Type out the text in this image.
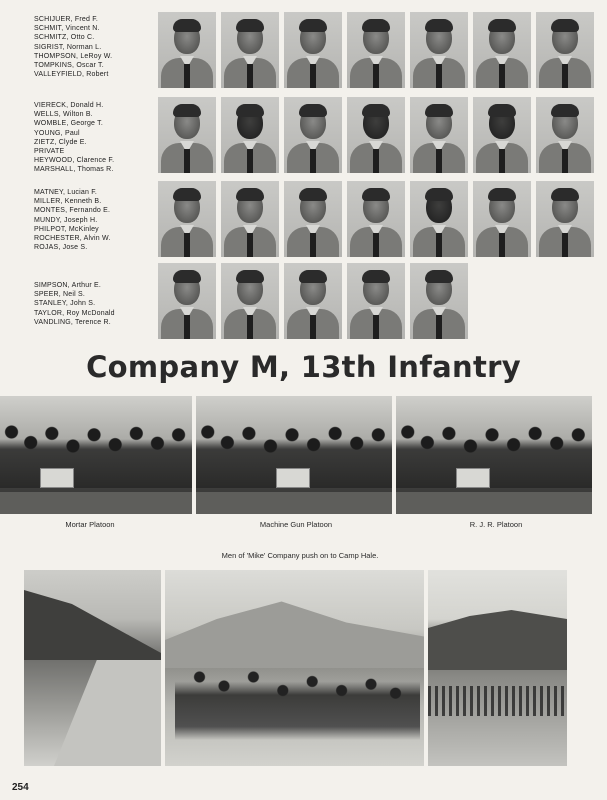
SCHIJUER, Fred F.
SCHMIT, Vincent N.
SCHMITZ, Otto C.
SIGRIST, Norman L.
THOMPSON, LeRoy W.
TOMPKINS, Oscar T.
VALLEYFIELD, Robert
VIERECK, Donald H.
WELLS, Wilton B.
WOMBLE, George T.
YOUNG, Paul
ZIETZ, Clyde E.
PRIVATE
HEYWOOD, Clarence F.
MARSHALL, Thomas R.
MATNEY, Lucian F.
MILLER, Kenneth B.
MONTES, Fernando E.
MUNDY, Joseph H.
PHILPOT, McKinley
ROCHESTER, Alvin W.
ROJAS, Jose S.
SIMPSON, Arthur E.
SPEER, Neil S.
STANLEY, John S.
TAYLOR, Roy McDonald
VANDLING, Terence R.
Company M, 13th Infantry
Mortar Platoon	Machine Gun Platoon	R. J. R. Platoon
Men of 'Mike' Company push on to Camp Hale.
254
